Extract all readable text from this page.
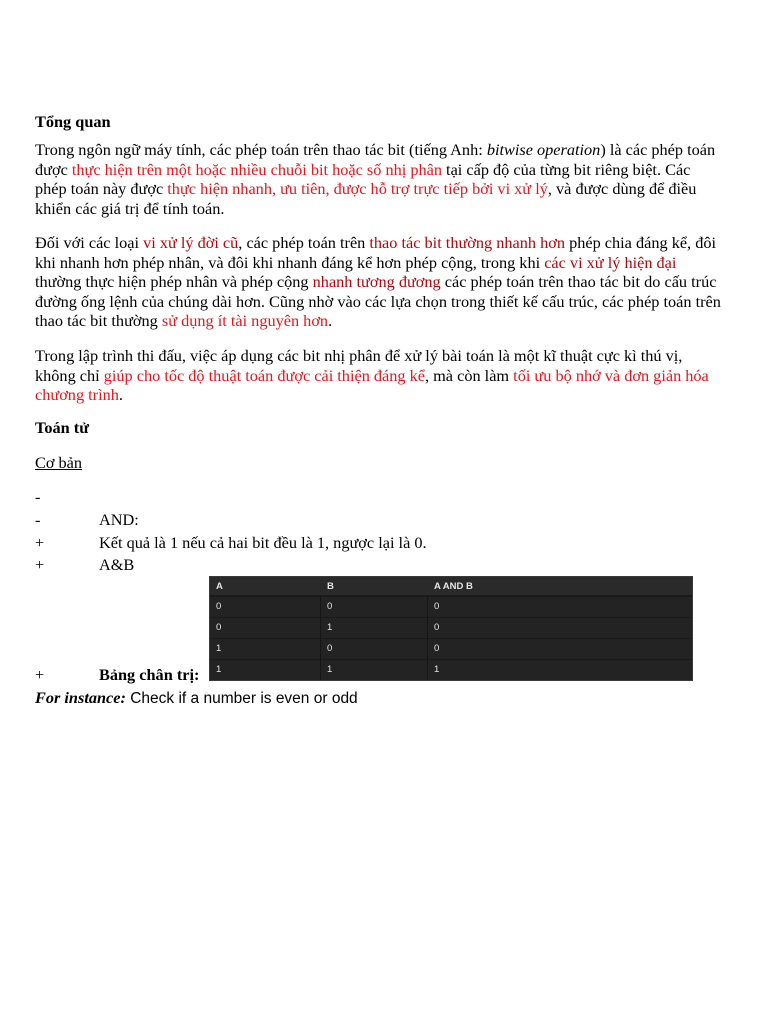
Tổng quan

Trong ngôn ngữ máy tính, các phép toán trên thao tác bit (tiếng Anh: bitwise operation) là các phép toán được thực hiện trên một hoặc nhiều chuỗi bit hoặc số nhị phân tại cấp độ của từng bit riêng biệt. Các phép toán này được thực hiện nhanh, ưu tiên, được hỗ trợ trực tiếp bởi vi xử lý, và được dùng để điều khiển các giá trị để tính toán.

Đối với các loại vi xử lý đời cũ, các phép toán trên thao tác bit thường nhanh hơn phép chia đáng kể, đôi khi nhanh hơn phép nhân, và đôi khi nhanh đáng kể hơn phép cộng, trong khi các vi xử lý hiện đại thường thực hiện phép nhân và phép cộng nhanh tương đương các phép toán trên thao tác bit do cấu trúc đường ống lệnh của chúng dài hơn. Cũng nhờ vào các lựa chọn trong thiết kế cấu trúc, các phép toán trên thao tác bit thường sử dụng ít tài nguyên hơn.

Trong lập trình thi đấu, việc áp dụng các bit nhị phân để xử lý bài toán là một kĩ thuật cực kì thú vị, không chỉ giúp cho tốc độ thuật toán được cải thiện đáng kể, mà còn làm tối ưu bộ nhớ và đơn giản hóa chương trình.

Toán tử

Cơ bản

-
-	AND:
+	Kết quả là 1 nếu cả hai bit đều là 1, ngược lại là 0.
+	A&B
+	Bảng chân trị:

For instance: Check if a number is even or odd

A	B	A AND B
0	0	0
0	1	0
1	0	0
1	1	1
